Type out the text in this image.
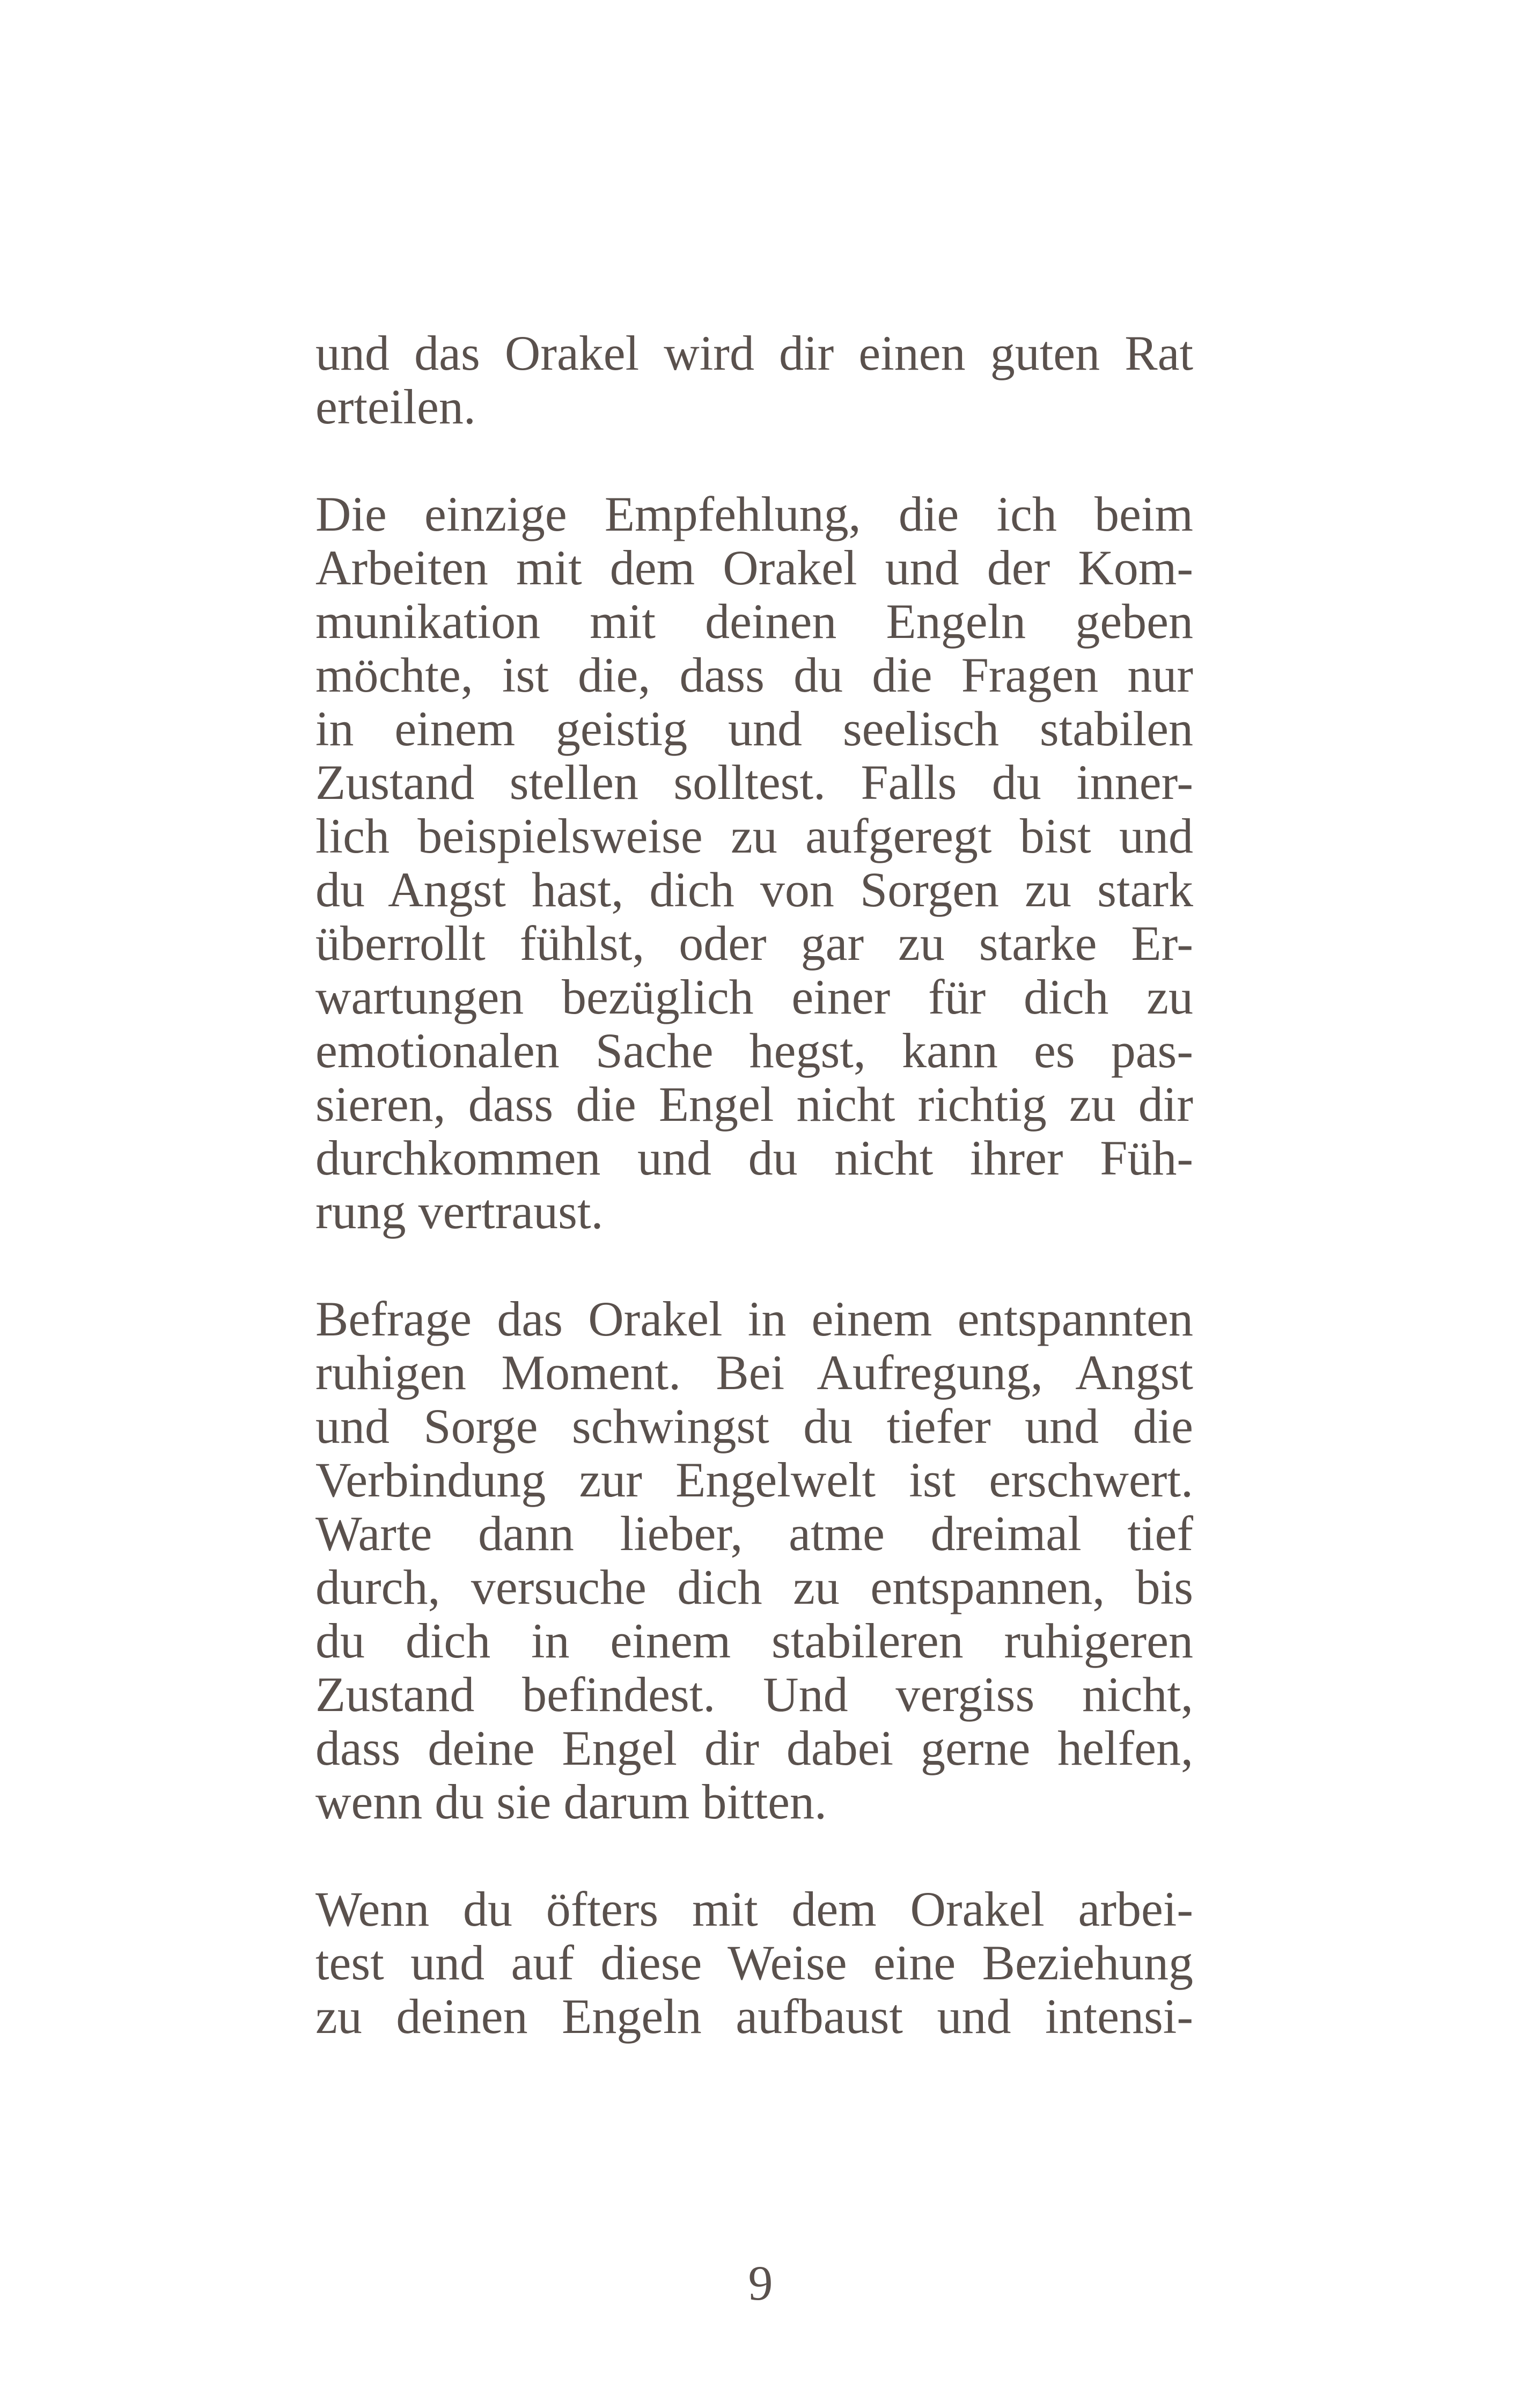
und das Orakel wird dir einen guten Rat
erteilen.

Die einzige Empfehlung, die ich beim
Arbeiten mit dem Orakel und der Kom-
munikation mit deinen Engeln geben
möchte, ist die, dass du die Fragen nur
in einem geistig und seelisch stabilen
Zustand stellen solltest. Falls du inner-
lich beispielsweise zu aufgeregt bist und
du Angst hast, dich von Sorgen zu stark
überrollt fühlst, oder gar zu starke Er-
wartungen bezüglich einer für dich zu
emotionalen Sache hegst, kann es pas-
sieren, dass die Engel nicht richtig zu dir
durchkommen und du nicht ihrer Füh-
rung vertraust.

Befrage das Orakel in einem entspannten
ruhigen Moment. Bei Aufregung, Angst
und Sorge schwingst du tiefer und die
Verbindung zur Engelwelt ist erschwert.
Warte dann lieber, atme dreimal tief
durch, versuche dich zu entspannen, bis
du dich in einem stabileren ruhigeren
Zustand befindest. Und vergiss nicht,
dass deine Engel dir dabei gerne helfen,
wenn du sie darum bitten.

Wenn du öfters mit dem Orakel arbei-
test und auf diese Weise eine Beziehung
zu deinen Engeln aufbaust und intensi-

9
